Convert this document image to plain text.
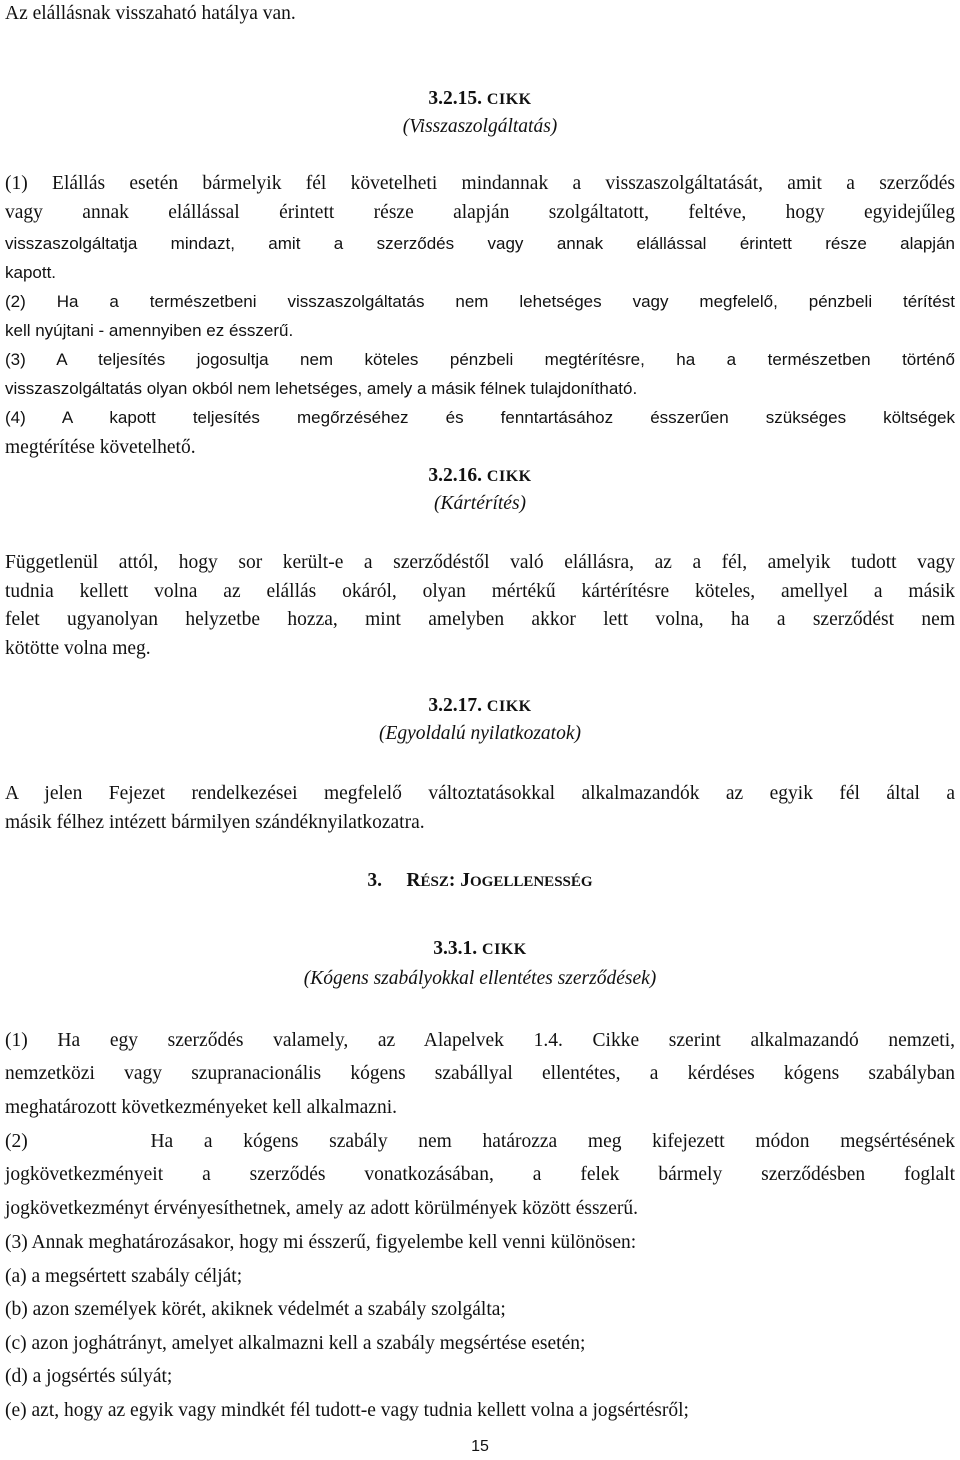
Az elállásnak visszaható hatálya van.
3.2.15. CIKK
(Visszaszolgáltatás)
(1) Elállás esetén bármelyik fél követelheti mindannak a visszaszolgáltatását, amit a szerződés
vagy annak elállással érintett része alapján szolgáltatott, feltéve, hogy egyidejűleg
visszaszolgáltatja mindazt, amit a szerződés vagy annak elállással érintett része alapján
kapott.
(2) Ha a természetbeni visszaszolgáltatás nem lehetséges vagy megfelelő, pénzbeli térítést
kell nyújtani - amennyiben ez ésszerű.
(3) A teljesítés jogosultja nem köteles pénzbeli megtérítésre, ha a természetben történő
visszaszolgáltatás olyan okból nem lehetséges, amely a másik félnek tulajdonítható.
(4) A kapott teljesítés megőrzéséhez és fenntartásához ésszerűen szükséges költségek
megtérítése követelhető.
3.2.16. CIKK
(Kártérítés)
Függetlenül attól, hogy sor került-e a szerződéstől való elállásra, az a fél, amelyik tudott vagy
tudnia kellett volna az elállás okáról, olyan mértékű kártérítésre köteles, amellyel a másik
felet ugyanolyan helyzetbe hozza, mint amelyben akkor lett volna, ha a szerződést nem
kötötte volna meg.
3.2.17. CIKK
(Egyoldalú nyilatkozatok)
A jelen Fejezet rendelkezései megfelelő változtatásokkal alkalmazandók az egyik fél által a
másik félhez intézett bármilyen szándéknyilatkozatra.
3. RÉSZ: JOGELLENESSÉG
3.3.1. CIKK
(Kógens szabályokkal ellentétes szerződések)
(1) Ha egy szerződés valamely, az Alapelvek 1.4. Cikke szerint alkalmazandó nemzeti,
nemzetközi vagy szupranacionális kógens szabállyal ellentétes, a kérdéses kógens szabályban
meghatározott következményeket kell alkalmazni.
(2)    Ha a kógens szabály nem határozza meg kifejezett módon megsértésének
jogkövetkezményeit a szerződés vonatkozásában, a felek bármely szerződésben foglalt
jogkövetkezményt érvényesíthetnek, amely az adott körülmények között ésszerű.
(3) Annak meghatározásakor, hogy mi ésszerű, figyelembe kell venni különösen:
(a) a megsértett szabály célját;
(b) azon személyek körét, akiknek védelmét a szabály szolgálta;
(c) azon joghátrányt, amelyet alkalmazni kell a szabály megsértése esetén;
(d) a jogsértés súlyát;
(e) azt, hogy az egyik vagy mindkét fél tudott-e vagy tudnia kellett volna a jogsértésről;
15
